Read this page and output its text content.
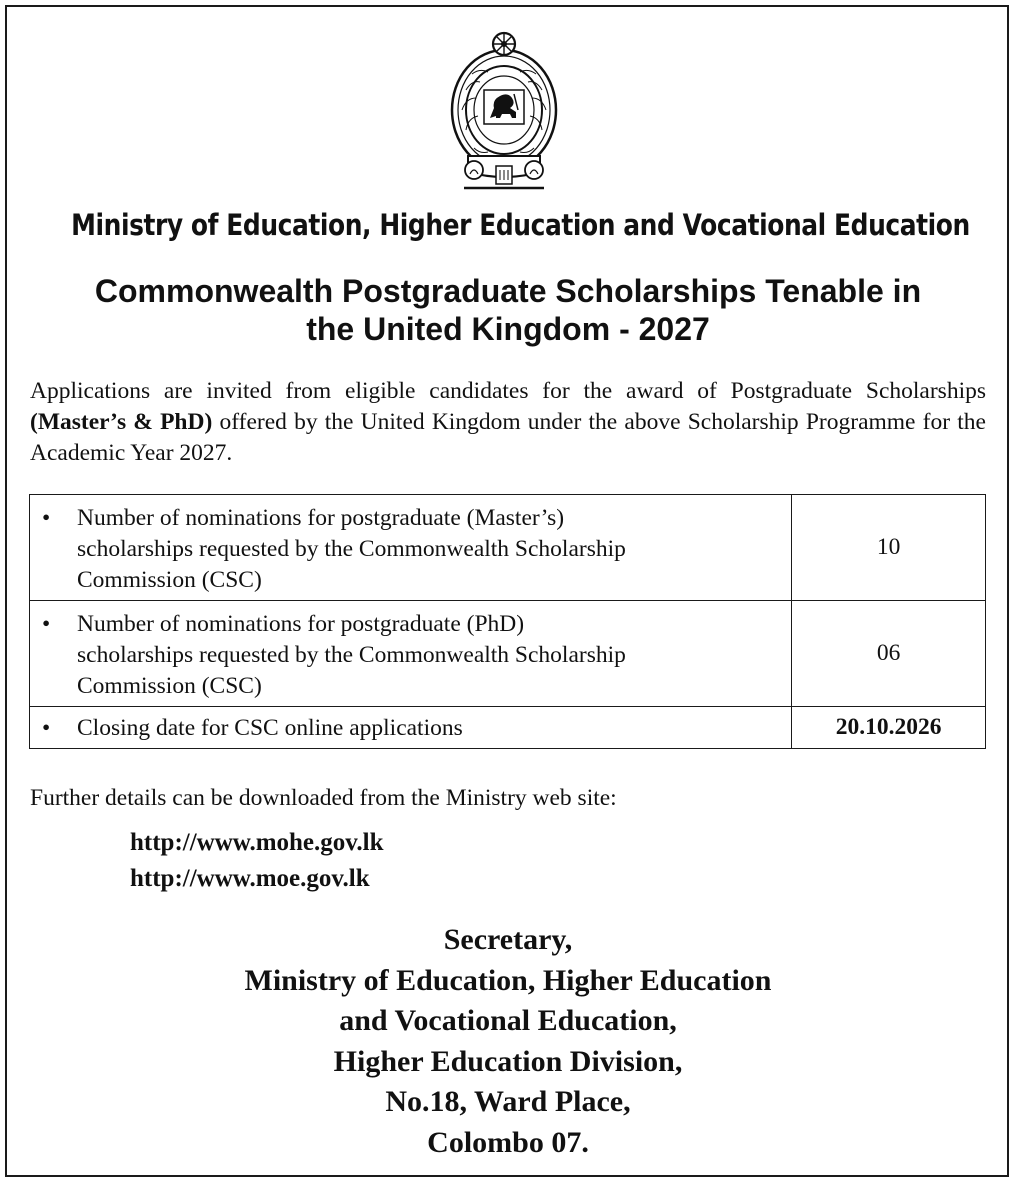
Ministry of Education, Higher Education and Vocational Education
Commonwealth Postgraduate Scholarships Tenable in
the United Kingdom - 2027

Applications are invited from eligible candidates for the award of Postgraduate Scholarships (Master’s & PhD) offered by the United Kingdom under the above Scholarship Programme for the Academic Year 2027.

• Number of nominations for postgraduate (Master’s)
scholarships requested by the Commonwealth Scholarship
Commission (CSC)	10

• Number of nominations for postgraduate (PhD)
scholarships requested by the Commonwealth Scholarship
Commission (CSC)	06

• Closing date for CSC online applications	20.10.2026

Further details can be downloaded from the Ministry web site:

http://www.mohe.gov.lk
http://www.moe.gov.lk
Secretary,
Ministry of Education, Higher Education
and Vocational Education,
Higher Education Division,
No.18, Ward Place,
Colombo 07.
